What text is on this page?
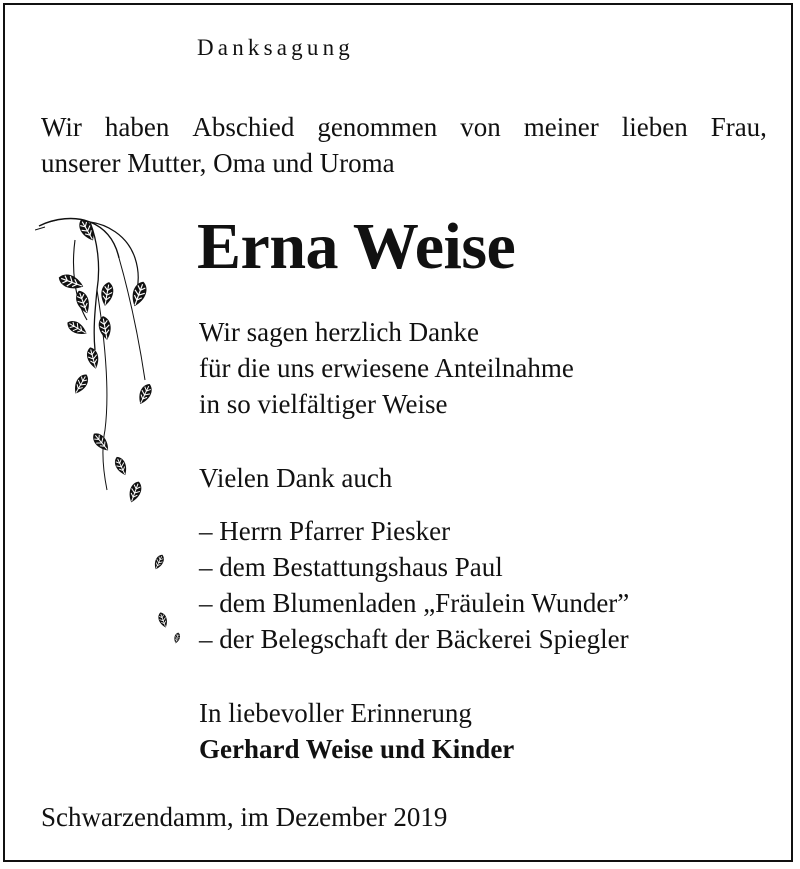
Danksagung
Wir haben Abschied genommen von meiner lieben Frau,
unserer Mutter, Oma und Uroma
Erna Weise
Wir sagen herzlich Danke
für die uns erwiesene Anteilnahme
in so vielfältiger Weise
Vielen Dank auch
– Herrn Pfarrer Piesker
– dem Bestattungshaus Paul
– dem Blumenladen „Fräulein Wunder”
– der Belegschaft der Bäckerei Spiegler
In liebevoller Erinnerung
Gerhard Weise und Kinder
Schwarzendamm, im Dezember 2019
